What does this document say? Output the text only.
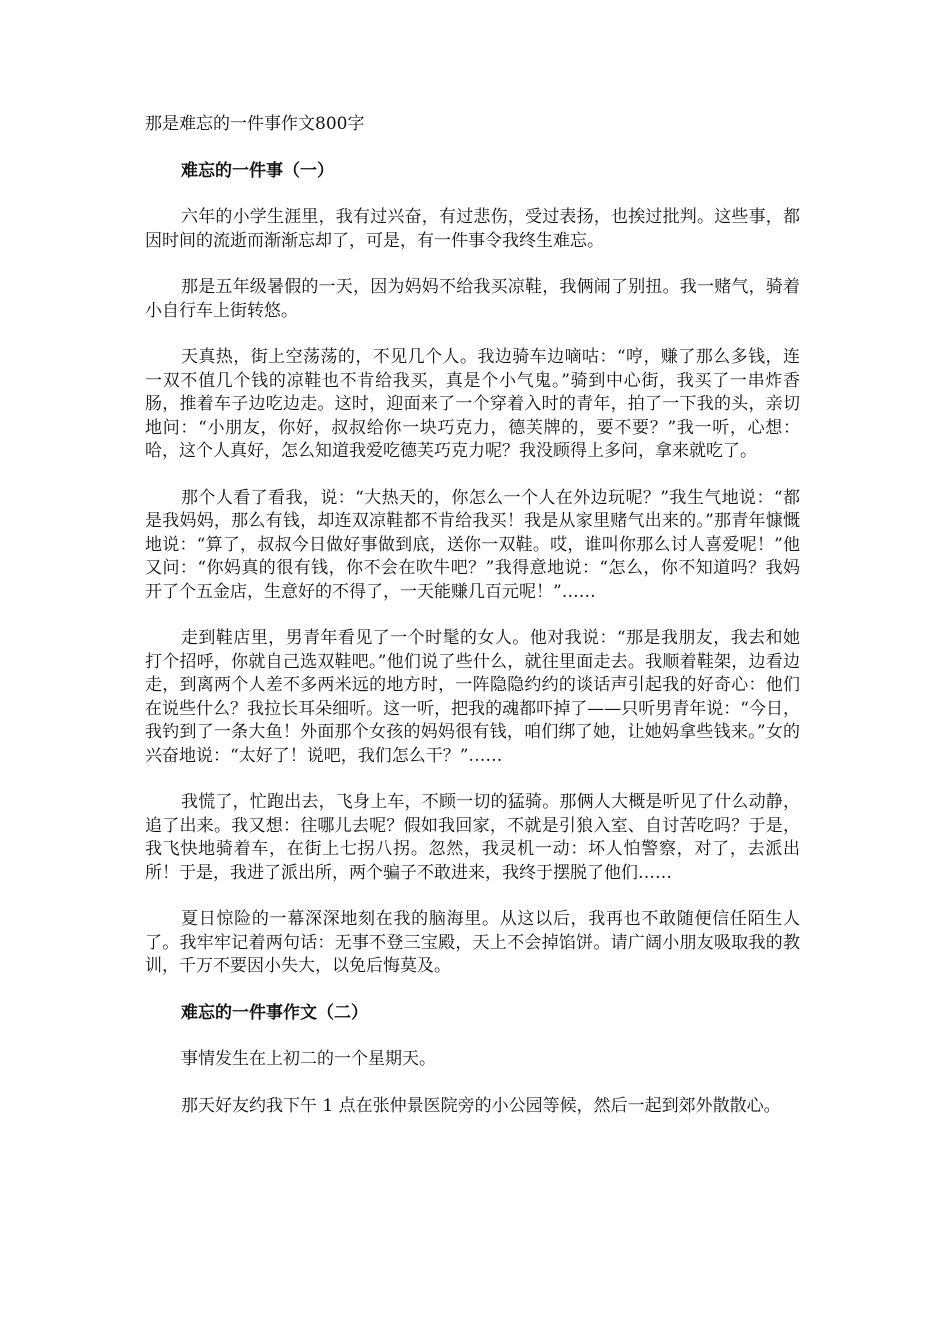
那是难忘的一件事作文800字

难忘的一件事（一）

六年的小学生涯里，我有过兴奋，有过悲伤，受过表扬，也挨过批判。这些事，都因时间的流逝而渐渐忘却了，可是，有一件事令我终生难忘。

那是五年级暑假的一天，因为妈妈不给我买凉鞋，我俩闹了别扭。我一赌气，骑着小自行车上街转悠。

天真热，街上空荡荡的，不见几个人。我边骑车边嘀咕：“哼，赚了那么多钱，连一双不值几个钱的凉鞋也不肯给我买，真是个小气鬼。”骑到中心街，我买了一串炸香肠，推着车子边吃边走。这时，迎面来了一个穿着入时的青年，拍了一下我的头，亲切地问：“小朋友，你好，叔叔给你一块巧克力，德芙牌的，要不要？”我一听，心想：哈，这个人真好，怎么知道我爱吃德芙巧克力呢？我没顾得上多问，拿来就吃了。

那个人看了看我，说：“大热天的，你怎么一个人在外边玩呢？”我生气地说：“都是我妈妈，那么有钱，却连双凉鞋都不肯给我买！我是从家里赌气出来的。”那青年慷慨地说：“算了，叔叔今日做好事做到底，送你一双鞋。哎，谁叫你那么讨人喜爱呢！”他又问：“你妈真的很有钱，你不会在吹牛吧？”我得意地说：“怎么，你不知道吗？我妈开了个五金店，生意好的不得了，一天能赚几百元呢！”……

走到鞋店里，男青年看见了一个时髦的女人。他对我说：“那是我朋友，我去和她打个招呼，你就自己选双鞋吧。”他们说了些什么，就往里面走去。我顺着鞋架，边看边走，到离两个人差不多两米远的地方时，一阵隐隐约约的谈话声引起我的好奇心：他们在说些什么？我拉长耳朵细听。这一听，把我的魂都吓掉了——只听男青年说：“今日，我钓到了一条大鱼！外面那个女孩的妈妈很有钱，咱们绑了她，让她妈拿些钱来。”女的兴奋地说：“太好了！说吧，我们怎么干？”……

我慌了，忙跑出去，飞身上车，不顾一切的猛骑。那俩人大概是听见了什么动静，追了出来。我又想：往哪儿去呢？假如我回家，不就是引狼入室、自讨苦吃吗？于是，我飞快地骑着车，在街上七拐八拐。忽然，我灵机一动：坏人怕警察，对了，去派出所！于是，我进了派出所，两个骗子不敢进来，我终于摆脱了他们……

夏日惊险的一幕深深地刻在我的脑海里。从这以后，我再也不敢随便信任陌生人了。我牢牢记着两句话：无事不登三宝殿，天上不会掉馅饼。请广阔小朋友吸取我的教训，千万不要因小失大，以免后悔莫及。

难忘的一件事作文（二）

事情发生在上初二的一个星期天。

那天好友约我下午 1 点在张仲景医院旁的小公园等候，然后一起到郊外散散心。
